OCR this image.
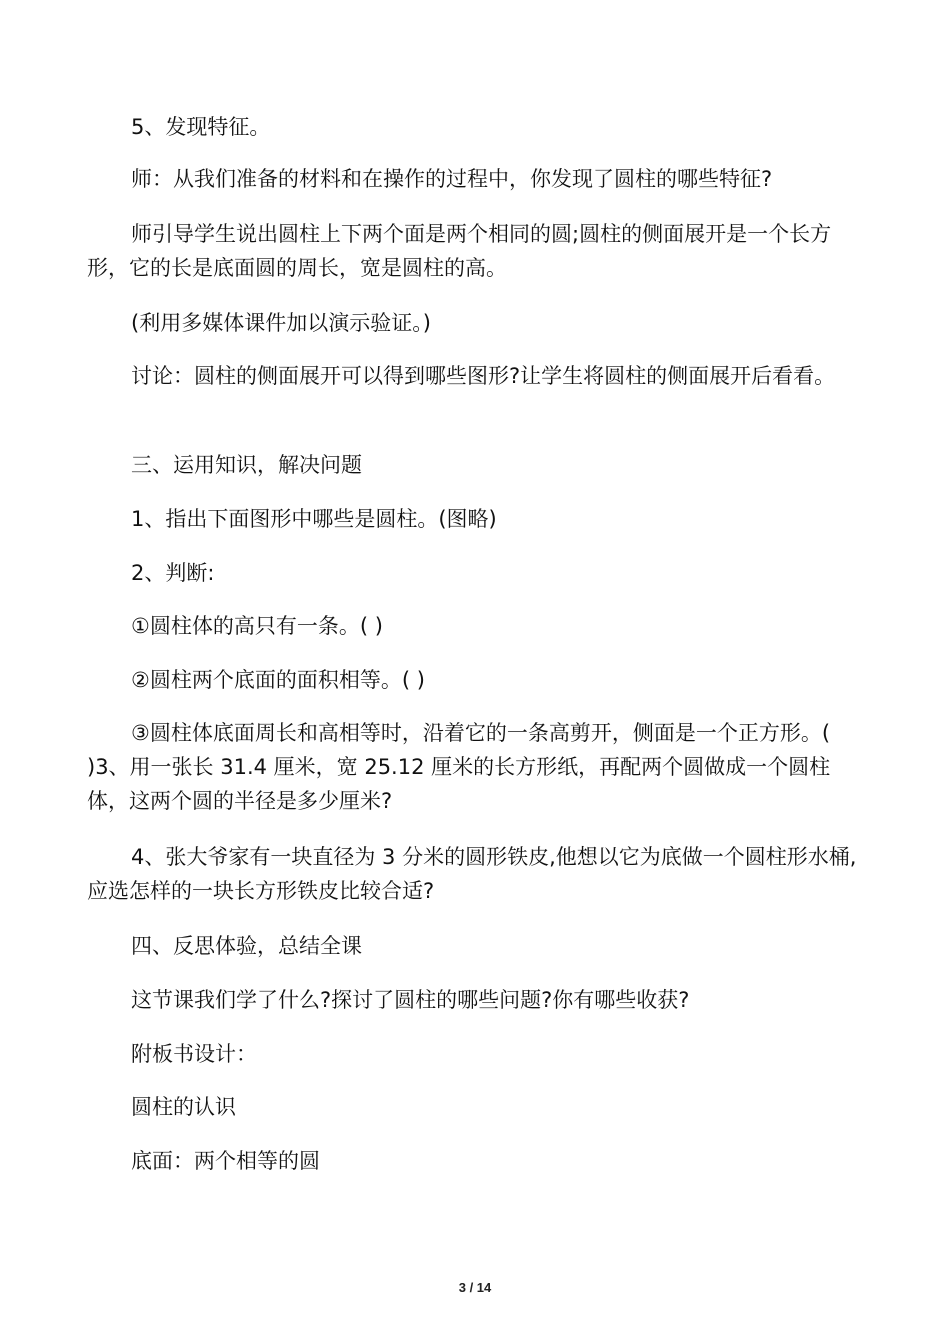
5、发现特征。

师：从我们准备的材料和在操作的过程中，你发现了圆柱的哪些特征?

师引导学生说出圆柱上下两个面是两个相同的圆;圆柱的侧面展开是一个长方形，它的长是底面圆的周长，宽是圆柱的高。

(利用多媒体课件加以演示验证。)

讨论：圆柱的侧面展开可以得到哪些图形?让学生将圆柱的侧面展开后看看。

三、运用知识，解决问题

1、指出下面图形中哪些是圆柱。(图略)

2、判断:

①圆柱体的高只有一条。( )

②圆柱两个底面的面积相等。( )

③圆柱体底面周长和高相等时，沿着它的一条高剪开，侧面是一个正方形。( )3、用一张长 31.4 厘米，宽 25.12 厘米的长方形纸，再配两个圆做成一个圆柱体，这两个圆的半径是多少厘米?

4、张大爷家有一块直径为 3 分米的圆形铁皮,他想以它为底做一个圆柱形水桶,应选怎样的一块长方形铁皮比较合适?

四、反思体验，总结全课

这节课我们学了什么?探讨了圆柱的哪些问题?你有哪些收获?

附板书设计：

圆柱的认识

底面：两个相等的圆

3 / 14
